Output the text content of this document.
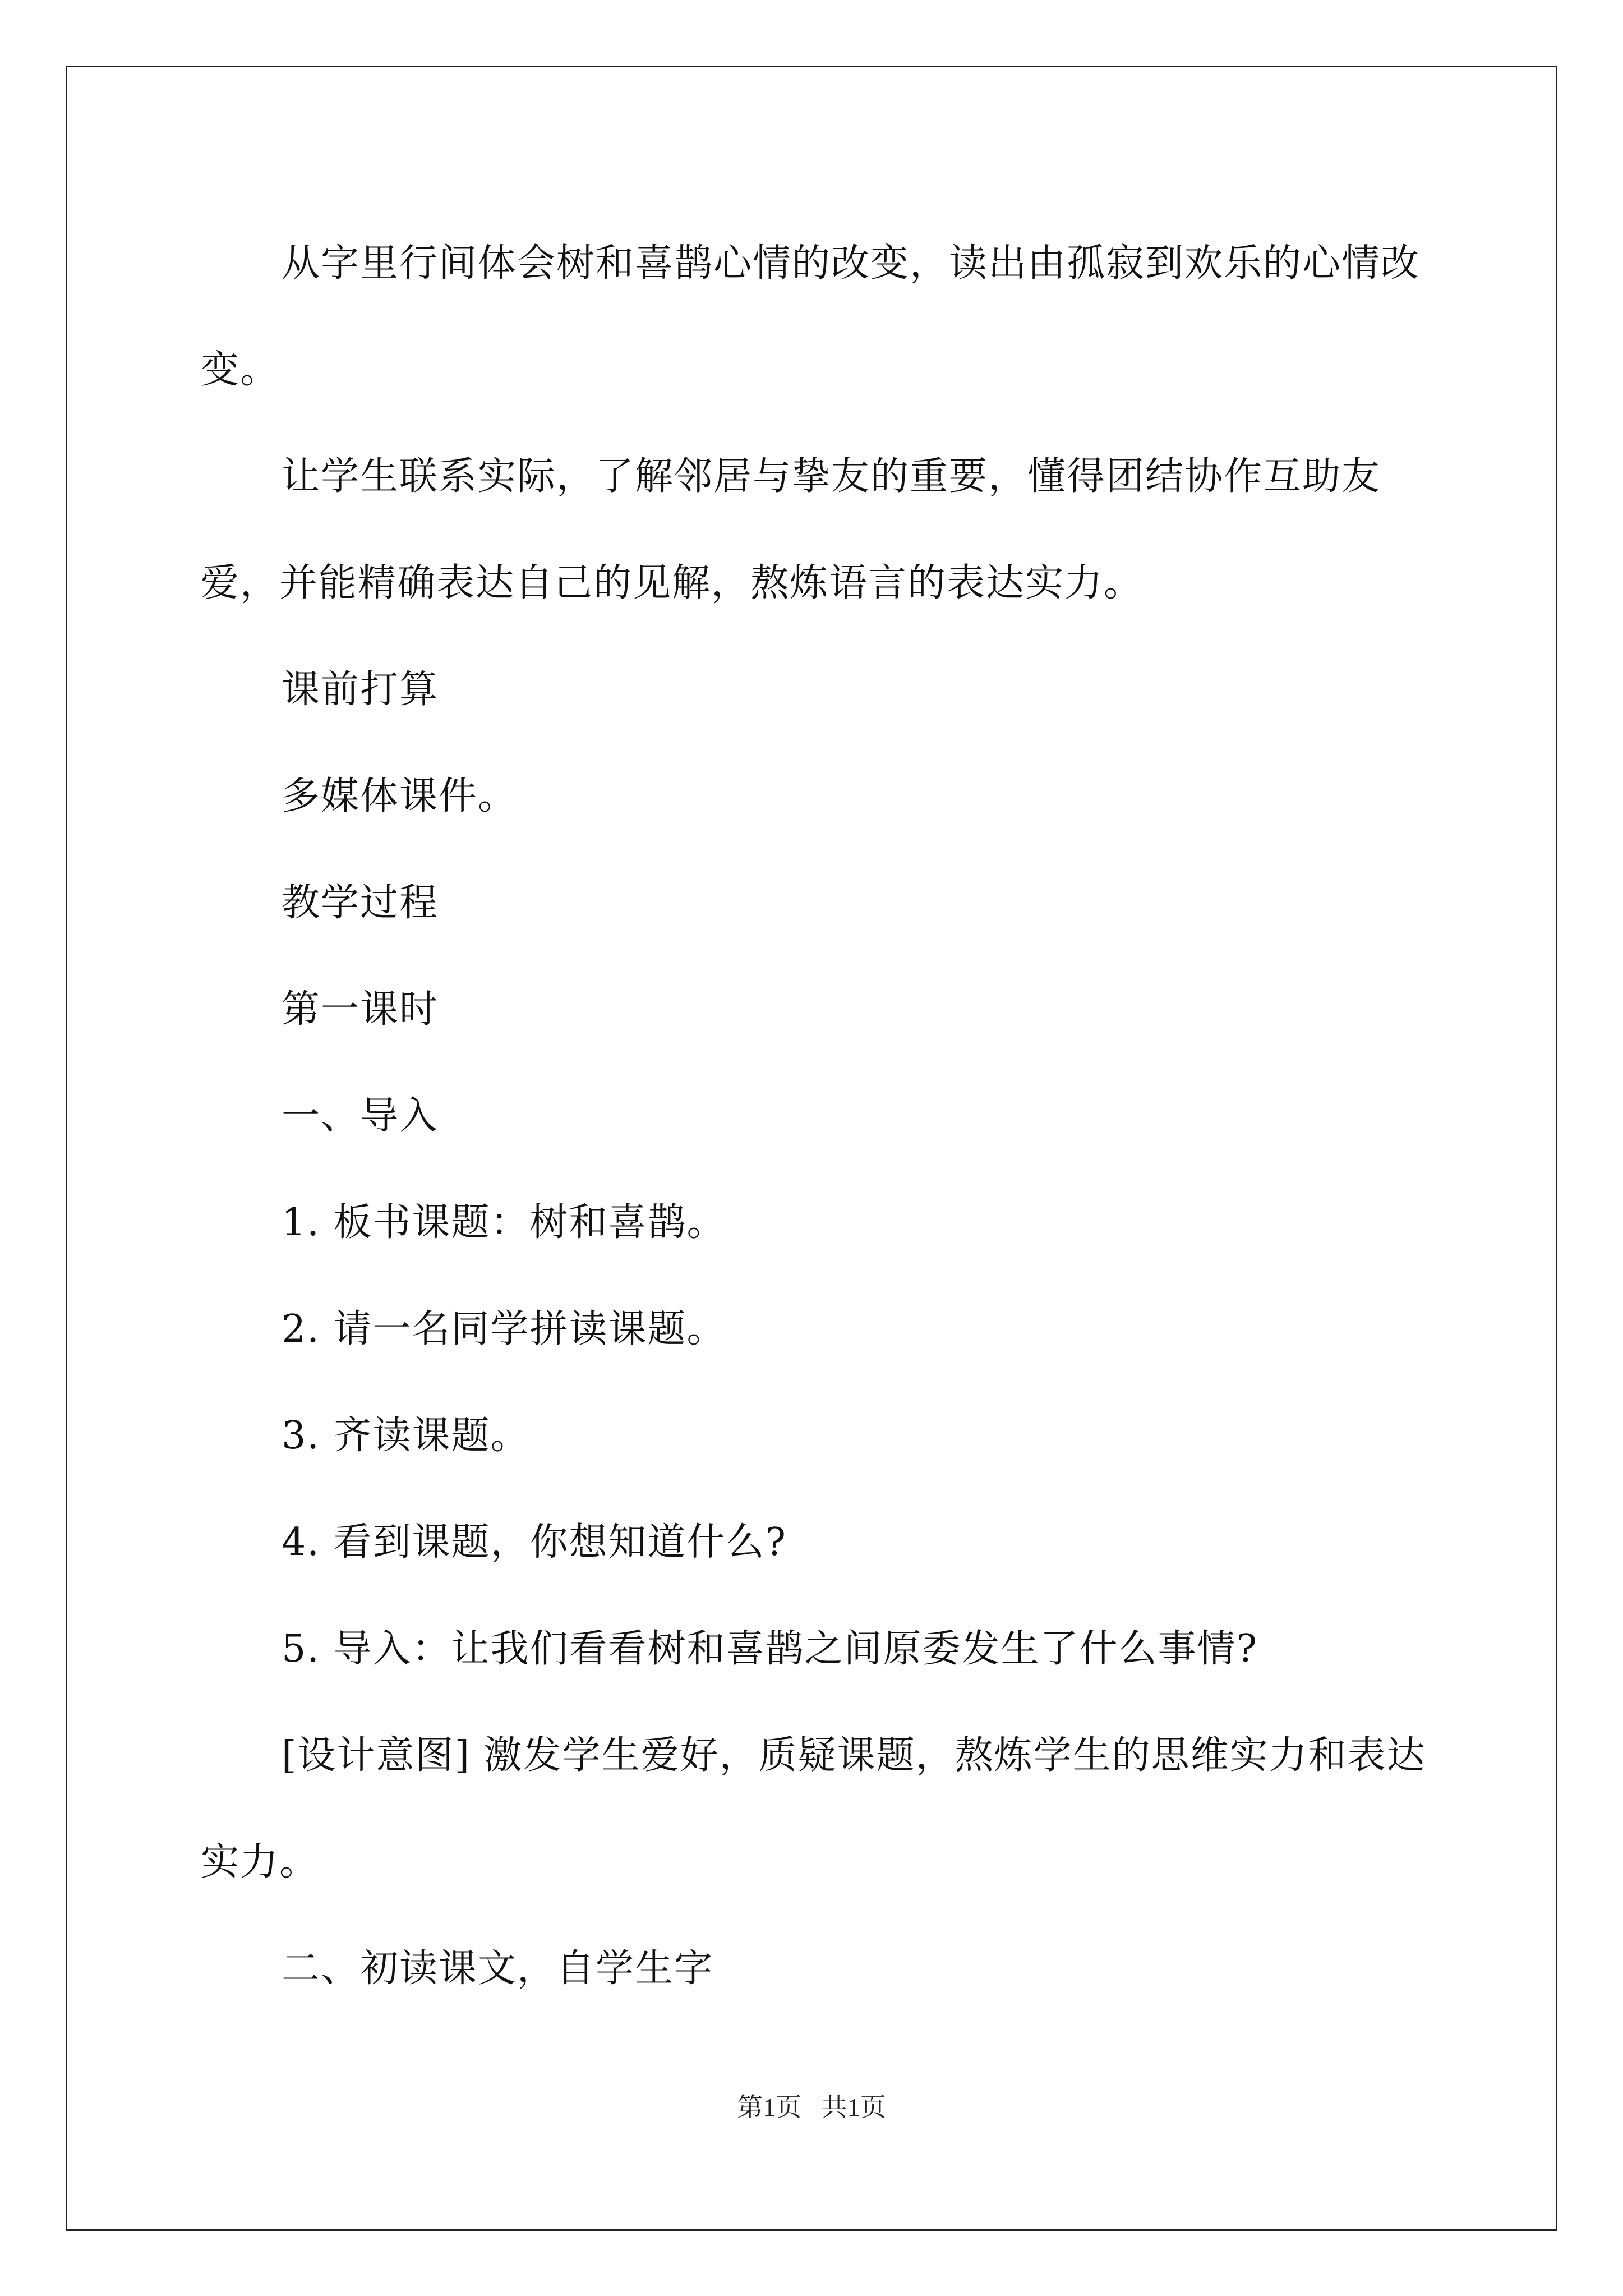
从字里行间体会树和喜鹊心情的改变，读出由孤寂到欢乐的心情改变。

让学生联系实际，了解邻居与挚友的重要，懂得团结协作互助友爱，并能精确表达自己的见解，熬炼语言的表达实力。

课前打算

多媒体课件。

教学过程

第一课时

一、导入

1. 板书课题：树和喜鹊。

2. 请一名同学拼读课题。

3. 齐读课题。

4. 看到课题，你想知道什么?

5. 导入：让我们看看树和喜鹊之间原委发生了什么事情?

[设计意图] 激发学生爱好，质疑课题，熬炼学生的思维实力和表达实力。

二、初读课文，自学生字

第1页 共1页
